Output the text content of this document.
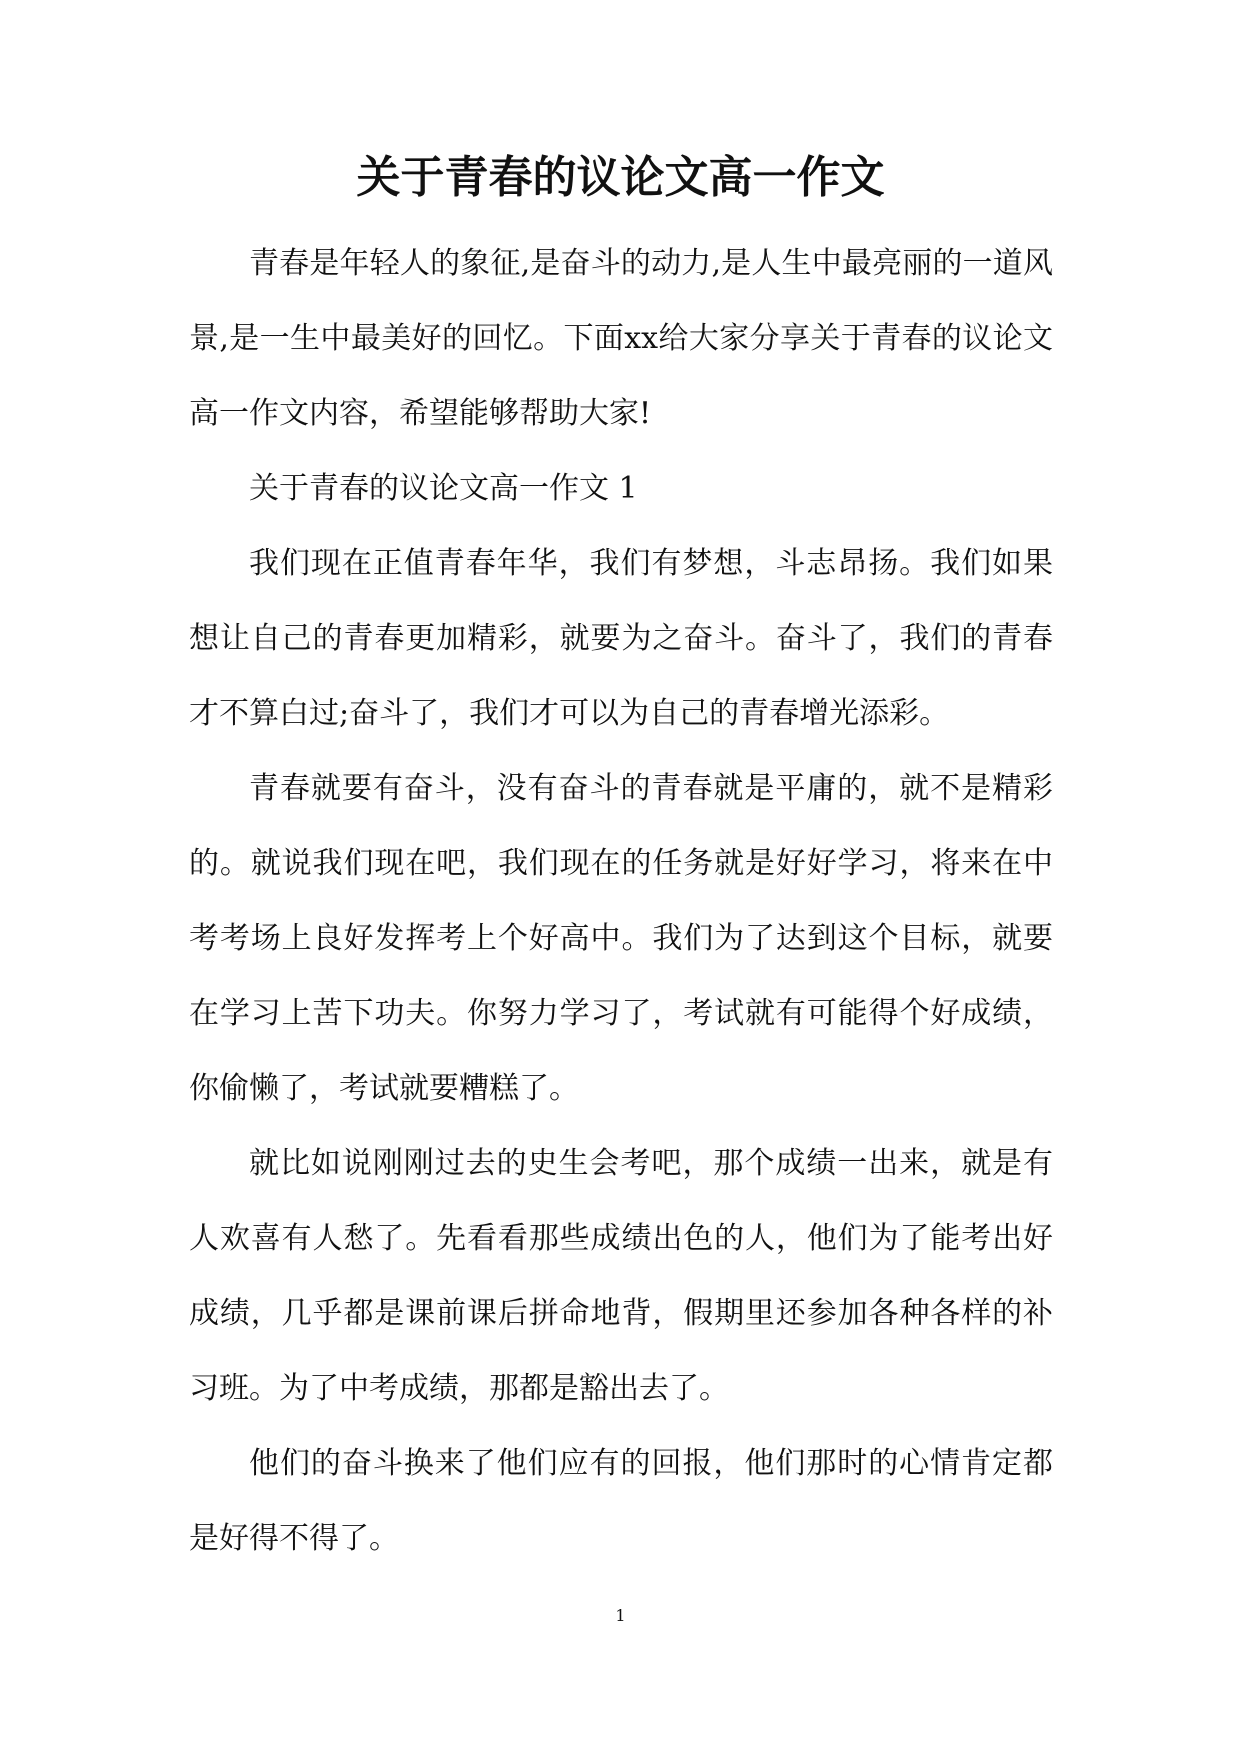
关于青春的议论文高一作文

青春是年轻人的象征,是奋斗的动力,是人生中最亮丽的一道风景,是一生中最美好的回忆。下面xx给大家分享关于青春的议论文高一作文内容，希望能够帮助大家!

关于青春的议论文高一作文 1

我们现在正值青春年华，我们有梦想，斗志昂扬。我们如果想让自己的青春更加精彩，就要为之奋斗。奋斗了，我们的青春才不算白过;奋斗了，我们才可以为自己的青春增光添彩。

青春就要有奋斗，没有奋斗的青春就是平庸的，就不是精彩的。就说我们现在吧，我们现在的任务就是好好学习，将来在中考考场上良好发挥考上个好高中。我们为了达到这个目标，就要在学习上苦下功夫。你努力学习了，考试就有可能得个好成绩，你偷懒了，考试就要糟糕了。

就比如说刚刚过去的史生会考吧，那个成绩一出来，就是有人欢喜有人愁了。先看看那些成绩出色的人，他们为了能考出好成绩，几乎都是课前课后拼命地背，假期里还参加各种各样的补习班。为了中考成绩，那都是豁出去了。

他们的奋斗换来了他们应有的回报，他们那时的心情肯定都是好得不得了。

1
